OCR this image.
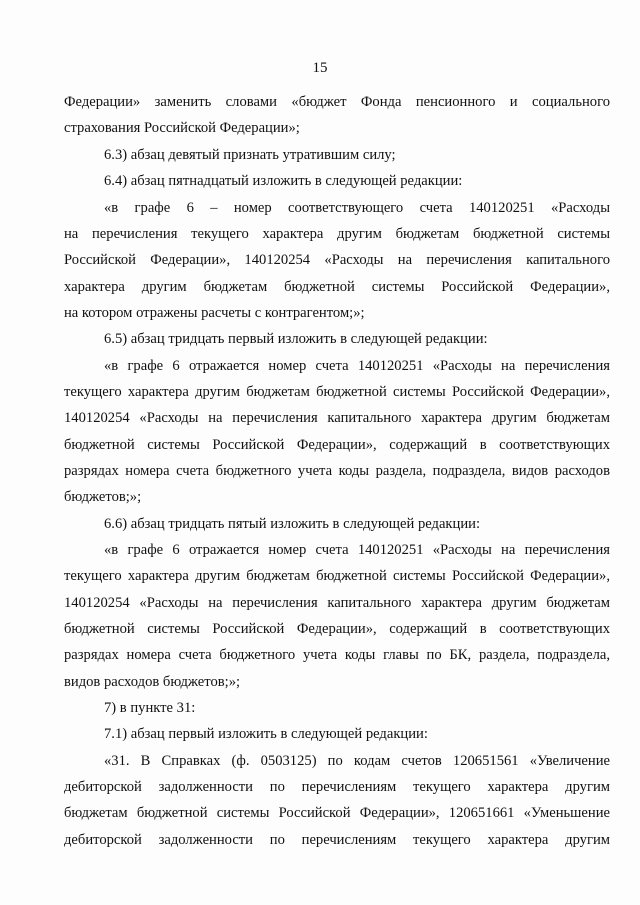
15
Федерации» заменить словами «бюджет Фонда пенсионного и социального
страхования Российской Федерации»;
6.3) абзац девятый признать утратившим силу;
6.4) абзац пятнадцатый изложить в следующей редакции:
«в графе 6 – номер соответствующего счета 140120251 «Расходы
на перечисления текущего характера другим бюджетам бюджетной системы
Российской Федерации», 140120254 «Расходы на перечисления капитального
характера другим бюджетам бюджетной системы Российской Федерации»,
на котором отражены расчеты с контрагентом;»;
6.5) абзац тридцать первый изложить в следующей редакции:
«в графе 6 отражается номер счета 140120251 «Расходы на перечисления
текущего характера другим бюджетам бюджетной системы Российской Федерации»,
140120254 «Расходы на перечисления капитального характера другим бюджетам
бюджетной системы Российской Федерации», содержащий в соответствующих
разрядах номера счета бюджетного учета коды раздела, подраздела, видов расходов
бюджетов;»;
6.6) абзац тридцать пятый изложить в следующей редакции:
«в графе 6 отражается номер счета 140120251 «Расходы на перечисления
текущего характера другим бюджетам бюджетной системы Российской Федерации»,
140120254 «Расходы на перечисления капитального характера другим бюджетам
бюджетной системы Российской Федерации», содержащий в соответствующих
разрядах номера счета бюджетного учета коды главы по БК, раздела, подраздела,
видов расходов бюджетов;»;
7) в пункте 31:
7.1) абзац первый изложить в следующей редакции:
«31. В Справках (ф. 0503125) по кодам счетов 120651561 «Увеличение
дебиторской задолженности по перечислениям текущего характера другим
бюджетам бюджетной системы Российской Федерации», 120651661 «Уменьшение
дебиторской задолженности по перечислениям текущего характера другим
